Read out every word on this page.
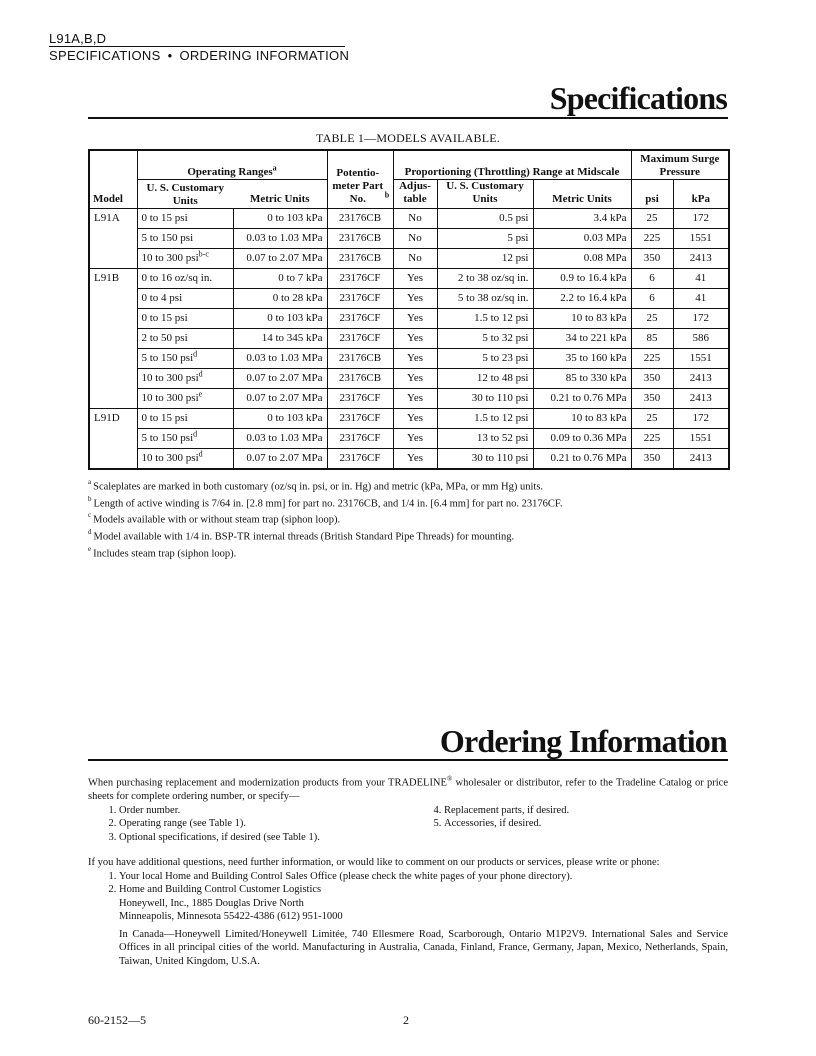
L91A,B,D
SPECIFICATIONS • ORDERING INFORMATION
Specifications
TABLE 1—MODELS AVAILABLE.
Model	Operating Ranges$^a$		Potentio-meter Part No. $^b$	Proportioning (Throttling) Range at Midscale			Maximum Surge Pressure	
	U. S. Customary Units	Metric Units		Adjus-table	U. S. Customary Units	Metric Units	psi	kPa

L91A	0 to 15 psi	0 to 103 kPa	23176CB	No	0.5 psi	3.4 kPa	25	172
	5 to 150 psi	0.03 to 1.03 MPa	23176CB	No	5 psi	0.03 MPa	225	1551
	10 to 300 psi$^{b-c}$	0.07 to 2.07 MPa	23176CB	No	12 psi	0.08 MPa	350	2413
L91B	0 to 16 oz/sq in.	0 to 7 kPa	23176CF	Yes	2 to 38 oz/sq in.	0.9 to 16.4 kPa	6	41
	0 to 4 psi	0 to 28 kPa	23176CF	Yes	5 to 38 oz/sq in.	2.2 to 16.4 kPa	6	41
	0 to 15 psi	0 to 103 kPa	23176CF	Yes	1.5 to 12 psi	10 to 83 kPa	25	172
	2 to 50 psi	14 to 345 kPa	23176CF	Yes	5 to 32 psi	34 to 221 kPa	85	586
	5 to 150 psi$^d$	0.03 to 1.03 MPa	23176CB	Yes	5 to 23 psi	35 to 160 kPa	225	1551
	10 to 300 psi$^d$	0.07 to 2.07 MPa	23176CB	Yes	12 to 48 psi	85 to 330 kPa	350	2413
	10 to 300 psi$^e$	0.07 to 2.07 MPa	23176CF	Yes	30 to 110 psi	0.21 to 0.76 MPa	350	2413
L91D	0 to 15 psi	0 to 103 kPa	23176CF	Yes	1.5 to 12 psi	10 to 83 kPa	25	172
	5 to 150 psi$^d$	0.03 to 1.03 MPa	23176CF	Yes	13 to 52 psi	0.09 to 0.36 MPa	225	1551
	10 to 300 psi$^d$	0.07 to 2.07 MPa	23176CF	Yes	30 to 110 psi	0.21 to 0.76 MPa	350	2413
$^a$ Scaleplates are marked in both customary (oz/sq in. psi, or in. Hg) and metric (kPa, MPa, or mm Hg) units.
$^b$ Length of active winding is 7/64 in. [2.8 mm] for part no. 23176CB, and 1/4 in. [6.4 mm] for part no. 23176CF.
$^c$ Models available with or without steam trap (siphon loop).
$^d$ Model available with 1/4 in. BSP-TR internal threads (British Standard Pipe Threads) for mounting.
$^e$ Includes steam trap (siphon loop).
Ordering Information

When purchasing replacement and modernization products from your TRADELINE® wholesaler or distributor, refer to the Tradeline Catalog or price sheets for complete ordering number, or specify—

1. Order number.
2. Operating range (see Table 1).
3. Optional specifications, if desired (see Table 1).
4. Replacement parts, if desired.
5. Accessories, if desired.

If you have additional questions, need further information, or would like to comment on our products or services, please write or phone:

1. Your local Home and Building Control Sales Office (please check the white pages of your phone directory).
2. Home and Building Control Customer Logistics
Honeywell, Inc., 1885 Douglas Drive North
Minneapolis, Minnesota 55422-4386 (612) 951-1000

In Canada—Honeywell Limited/Honeywell Limitée, 740 Ellesmere Road, Scarborough, Ontario M1P2V9. International Sales and Service Offices in all principal cities of the world. Manufacturing in Australia, Canada, Finland, France, Germany, Japan, Mexico, Netherlands, Spain, Taiwan, United Kingdom, U.S.A.

60-2152—5	2
